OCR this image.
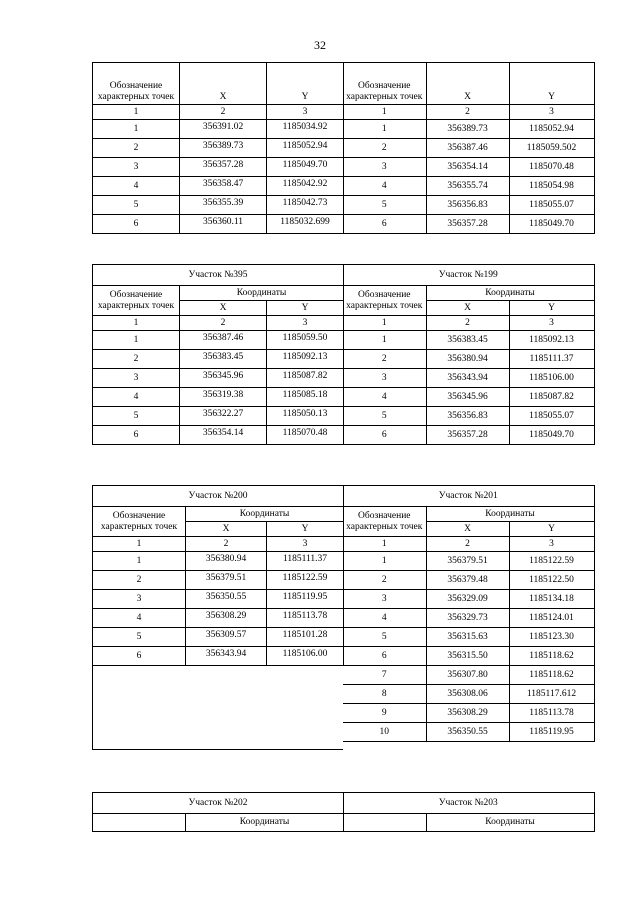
32
Обозначение характерных точек	X	Y
1	2	3
1	356391.02	1185034.92
2	356389.73	1185052.94
3	356357.28	1185049.70
4	356358.47	1185042.92
5	356355.39	1185042.73
6	356360.11	1185032.699
Обозначение характерных точек	X	Y
1	2	3
1	356389.73	1185052.94
2	356387.46	1185059.502
3	356354.14	1185070.48
4	356355.74	1185054.98
5	356356.83	1185055.07
6	356357.28	1185049.70
Участок №395		
Обозначение характерных точек	Координаты	
	X	Y
1	2	3
1	356387.46	1185059.50
2	356383.45	1185092.13
3	356345.96	1185087.82
4	356319.38	1185085.18
5	356322.27	1185050.13
6	356354.14	1185070.48
Участок №199		
Обозначение характерных точек	Координаты	
	X	Y
1	2	3
1	356383.45	1185092.13
2	356380.94	1185111.37
3	356343.94	1185106.00
4	356345.96	1185087.82
5	356356.83	1185055.07
6	356357.28	1185049.70
Участок №200		
Обозначение характерных точек	Координаты	
	X	Y
1	2	3
1	356380.94	1185111.37
2	356379.51	1185122.59
3	356350.55	1185119.95
4	356308.29	1185113.78
5	356309.57	1185101.28
6	356343.94	1185106.00
Участок №201		
Обозначение характерных точек	Координаты	
	X	Y
1	2	3
1	356379.51	1185122.59
2	356379.48	1185122.50
3	356329.09	1185134.18
4	356329.73	1185124.01
5	356315.63	1185123.30
6	356315.50	1185118.62
7	356307.80	1185118.62
8	356308.06	1185117.612
9	356308.29	1185113.78
10	356350.55	1185119.95
Участок №202
	Координаты
Участок №203
	Координаты
